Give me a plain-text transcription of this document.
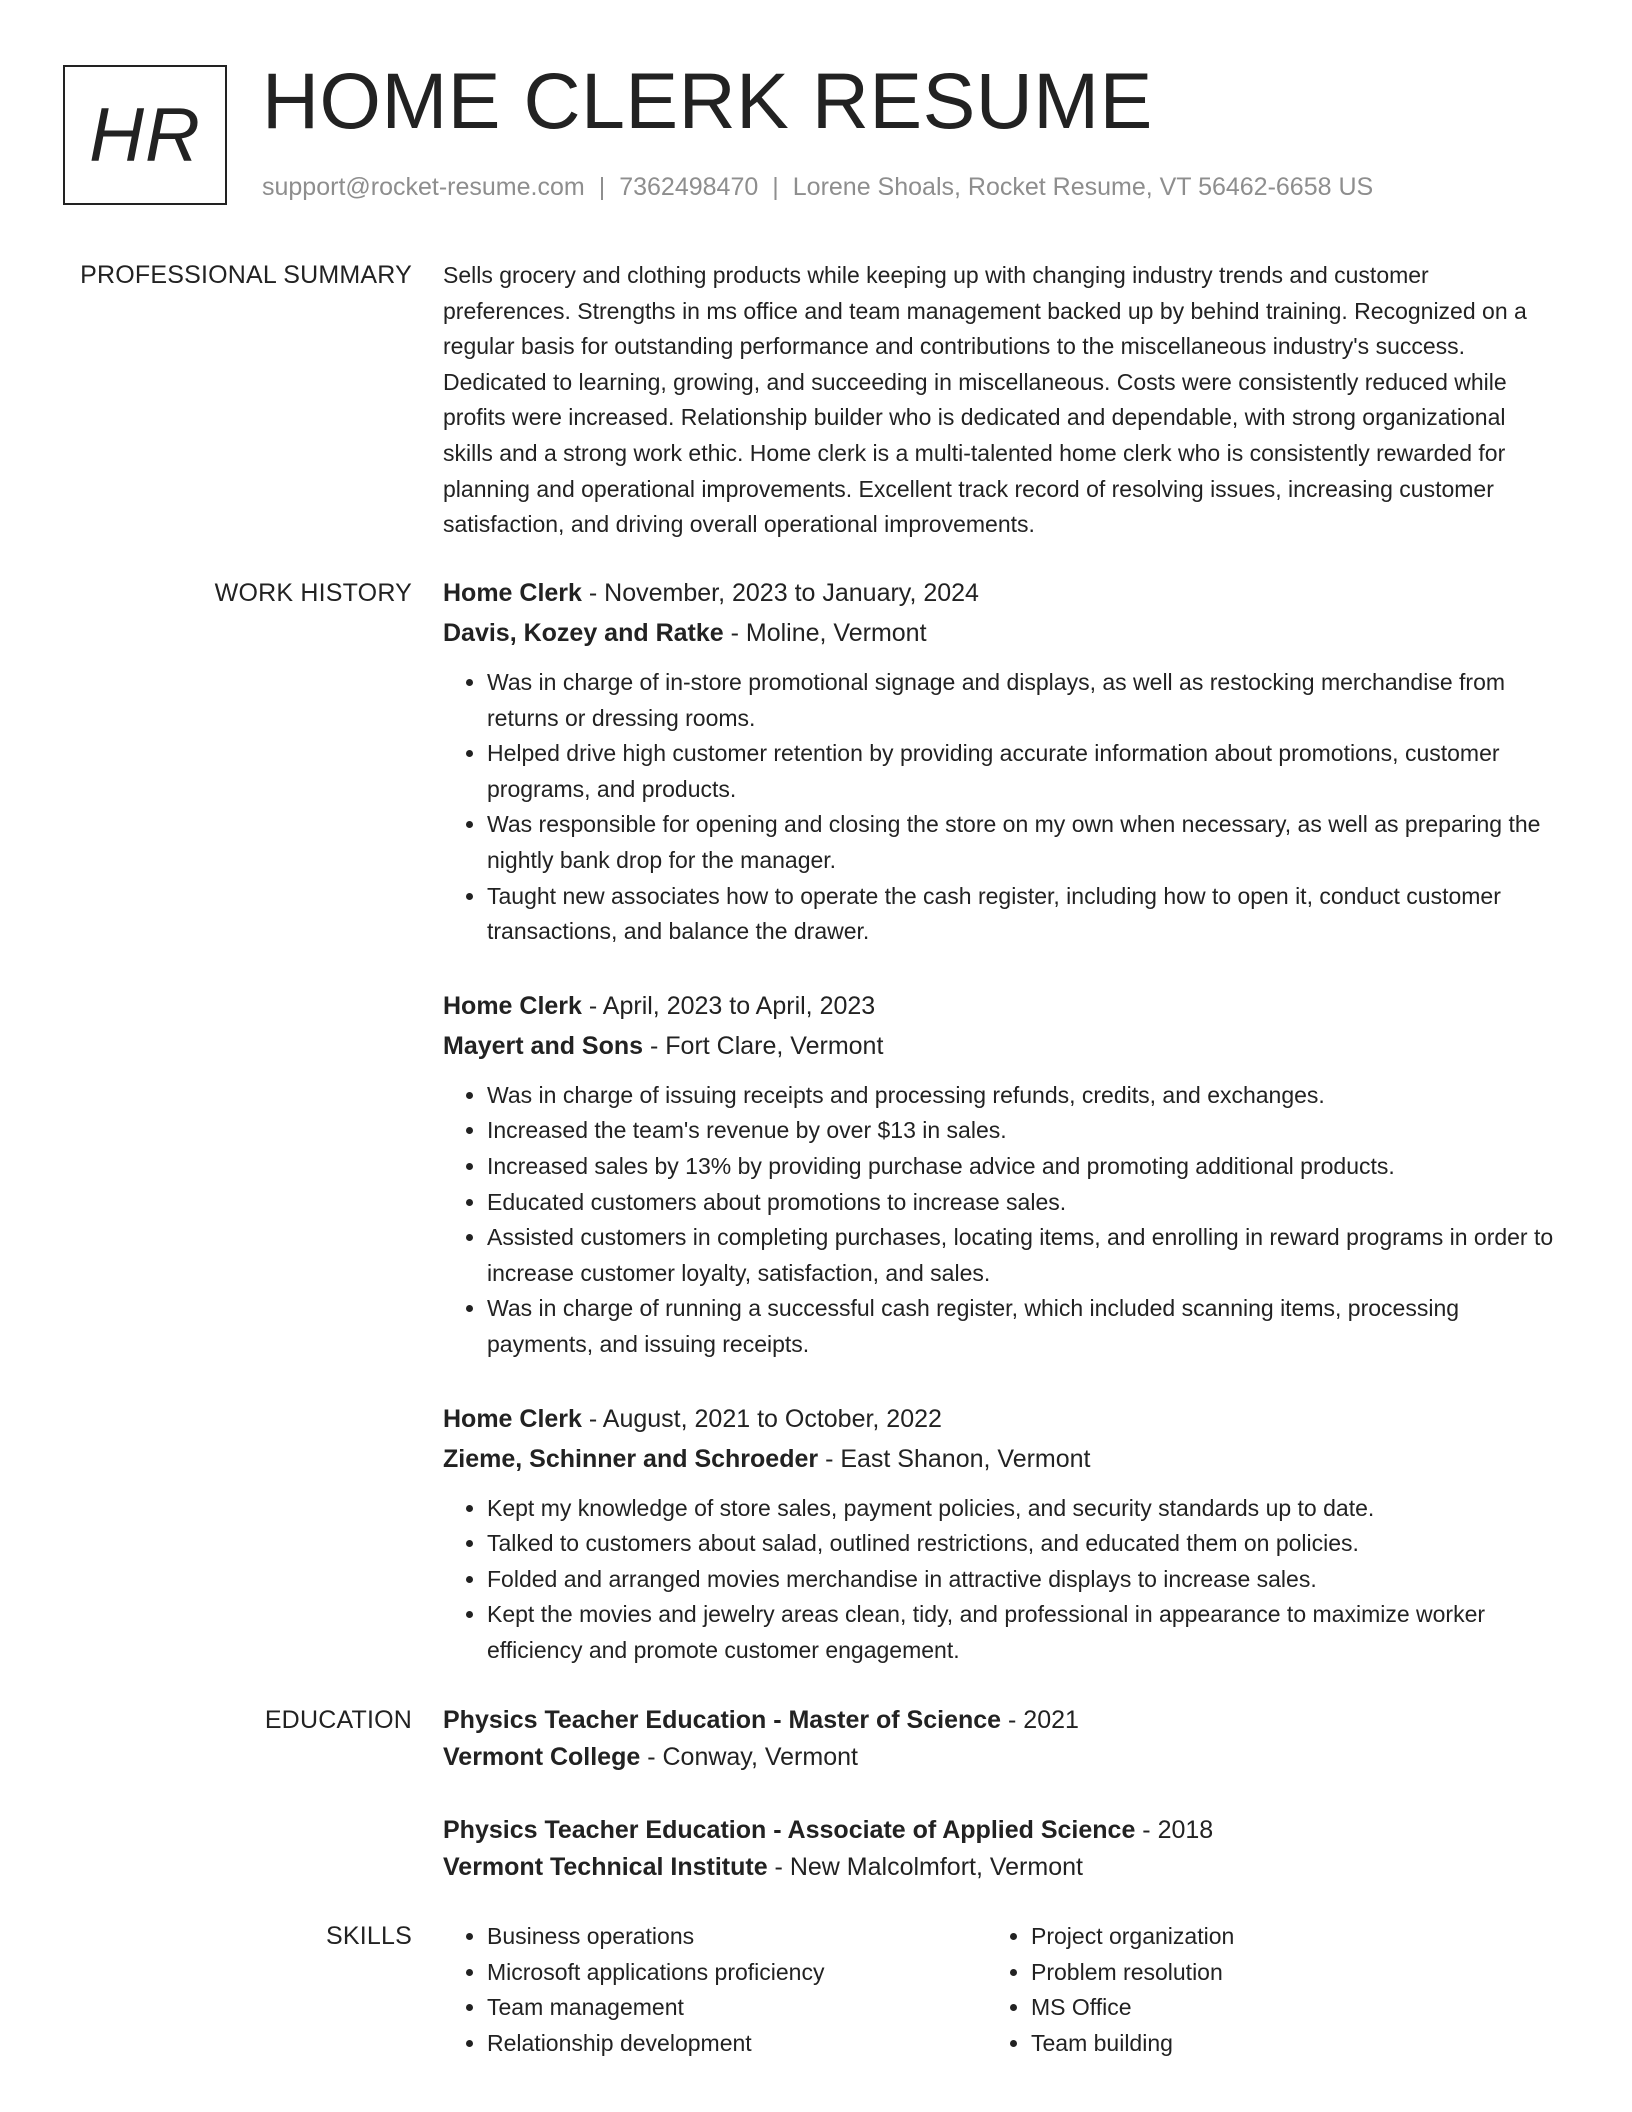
HR HOME CLERK RESUME
support@rocket-resume.com | 7362498470 | Lorene Shoals, Rocket Resume, VT 56462-6658 US
PROFESSIONAL SUMMARY Sells grocery and clothing products while keeping up with changing industry trends and customer preferences. Strengths in ms office and team management backed up by behind training. Recognized on a regular basis for outstanding performance and contributions to the miscellaneous industry's success. Dedicated to learning, growing, and succeeding in miscellaneous. Costs were consistently reduced while profits were increased. Relationship builder who is dedicated and dependable, with strong organizational skills and a strong work ethic. Home clerk is a multi-talented home clerk who is consistently rewarded for planning and operational improvements. Excellent track record of resolving issues, increasing customer satisfaction, and driving overall operational improvements.
WORK HISTORY Home Clerk - November, 2023 to January, 2024
Davis, Kozey and Ratke - Moline, Vermont
• Was in charge of in-store promotional signage and displays, as well as restocking merchandise from returns or dressing rooms.
• Helped drive high customer retention by providing accurate information about promotions, customer programs, and products.
• Was responsible for opening and closing the store on my own when necessary, as well as preparing the nightly bank drop for the manager.
• Taught new associates how to operate the cash register, including how to open it, conduct customer transactions, and balance the drawer.
Home Clerk - April, 2023 to April, 2023
Mayert and Sons - Fort Clare, Vermont
• Was in charge of issuing receipts and processing refunds, credits, and exchanges.
• Increased the team's revenue by over $13 in sales.
• Increased sales by 13% by providing purchase advice and promoting additional products.
• Educated customers about promotions to increase sales.
• Assisted customers in completing purchases, locating items, and enrolling in reward programs in order to increase customer loyalty, satisfaction, and sales.
• Was in charge of running a successful cash register, which included scanning items, processing payments, and issuing receipts.
Home Clerk - August, 2021 to October, 2022
Zieme, Schinner and Schroeder - East Shanon, Vermont
• Kept my knowledge of store sales, payment policies, and security standards up to date.
• Talked to customers about salad, outlined restrictions, and educated them on policies.
• Folded and arranged movies merchandise in attractive displays to increase sales.
• Kept the movies and jewelry areas clean, tidy, and professional in appearance to maximize worker efficiency and promote customer engagement.
EDUCATION Physics Teacher Education - Master of Science - 2021
Vermont College - Conway, Vermont
Physics Teacher Education - Associate of Applied Science - 2018
Vermont Technical Institute - New Malcolmfort, Vermont
SKILLS
•	Business operations
• Microsoft applications proficiency
• Team management
• Relationship development
• Project organization
• Problem resolution
• MS Office
• Team building
